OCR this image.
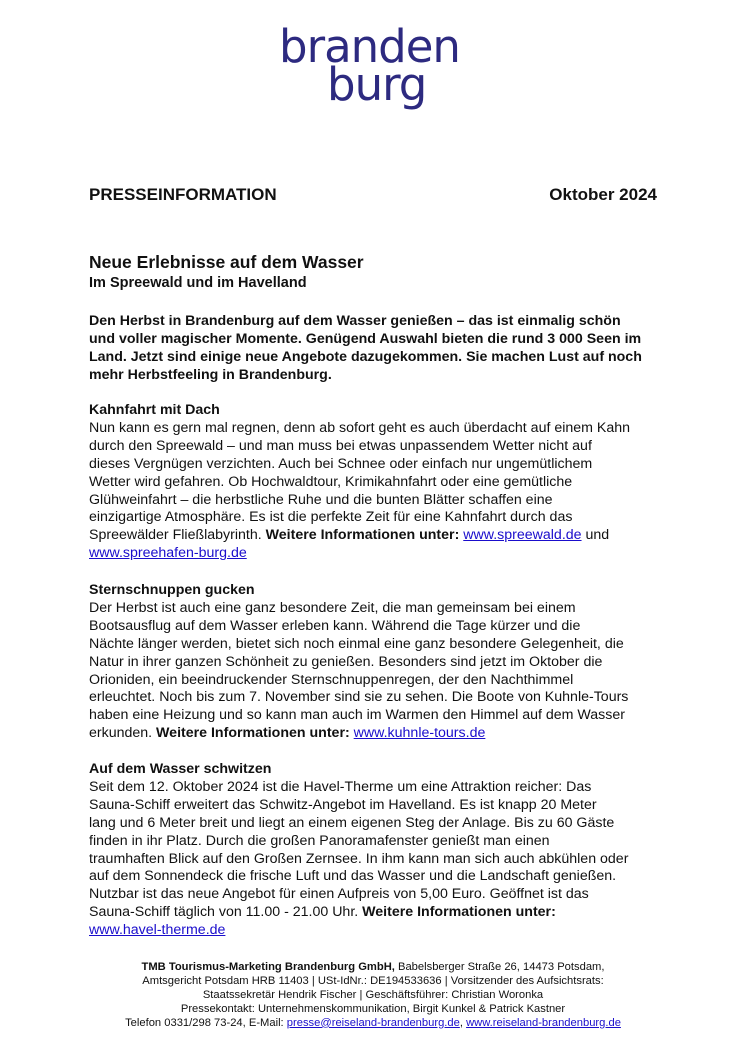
branden
burg
PRESSEINFORMATION	Oktober 2024
Neue Erlebnisse auf dem Wasser
Im Spreewald und im Havelland
Den Herbst in Brandenburg auf dem Wasser genießen – das ist einmalig schön
und voller magischer Momente. Genügend Auswahl bieten die rund 3 000 Seen im
Land. Jetzt sind einige neue Angebote dazugekommen. Sie machen Lust auf noch
mehr Herbstfeeling in Brandenburg.
Kahnfahrt mit Dach
Nun kann es gern mal regnen, denn ab sofort geht es auch überdacht auf einem Kahn
durch den Spreewald – und man muss bei etwas unpassendem Wetter nicht auf
dieses Vergnügen verzichten. Auch bei Schnee oder einfach nur ungemütlichem
Wetter wird gefahren. Ob Hochwaldtour, Krimikahnfahrt oder eine gemütliche
Glühweinfahrt – die herbstliche Ruhe und die bunten Blätter schaffen eine
einzigartige Atmosphäre. Es ist die perfekte Zeit für eine Kahnfahrt durch das
Spreewälder Fließlabyrinth. Weitere Informationen unter: www.spreewald.de und
www.spreehafen-burg.de
Sternschnuppen gucken
Der Herbst ist auch eine ganz besondere Zeit, die man gemeinsam bei einem
Bootsausflug auf dem Wasser erleben kann. Während die Tage kürzer und die
Nächte länger werden, bietet sich noch einmal eine ganz besondere Gelegenheit, die
Natur in ihrer ganzen Schönheit zu genießen. Besonders sind jetzt im Oktober die
Orioniden, ein beeindruckender Sternschnuppenregen, der den Nachthimmel
erleuchtet. Noch bis zum 7. November sind sie zu sehen. Die Boote von Kuhnle-Tours
haben eine Heizung und so kann man auch im Warmen den Himmel auf dem Wasser
erkunden. Weitere Informationen unter: www.kuhnle-tours.de
Auf dem Wasser schwitzen
Seit dem 12. Oktober 2024 ist die Havel-Therme um eine Attraktion reicher: Das
Sauna-Schiff erweitert das Schwitz-Angebot im Havelland. Es ist knapp 20 Meter
lang und 6 Meter breit und liegt an einem eigenen Steg der Anlage. Bis zu 60 Gäste
finden in ihr Platz. Durch die großen Panoramafenster genießt man einen
traumhaften Blick auf den Großen Zernsee. In ihm kann man sich auch abkühlen oder
auf dem Sonnendeck die frische Luft und das Wasser und die Landschaft genießen.
Nutzbar ist das neue Angebot für einen Aufpreis von 5,00 Euro. Geöffnet ist das
Sauna-Schiff täglich von 11.00 - 21.00 Uhr. Weitere Informationen unter:
www.havel-therme.de
TMB Tourismus-Marketing Brandenburg GmbH, Babelsberger Straße 26, 14473 Potsdam,
Amtsgericht Potsdam HRB 11403 | USt-IdNr.: DE194533636 | Vorsitzender des Aufsichtsrats:
Staatssekretär Hendrik Fischer | Geschäftsführer: Christian Woronka
Pressekontakt: Unternehmenskommunikation, Birgit Kunkel & Patrick Kastner
Telefon 0331/298 73-24, E-Mail: presse@reiseland-brandenburg.de, www.reiseland-brandenburg.de
